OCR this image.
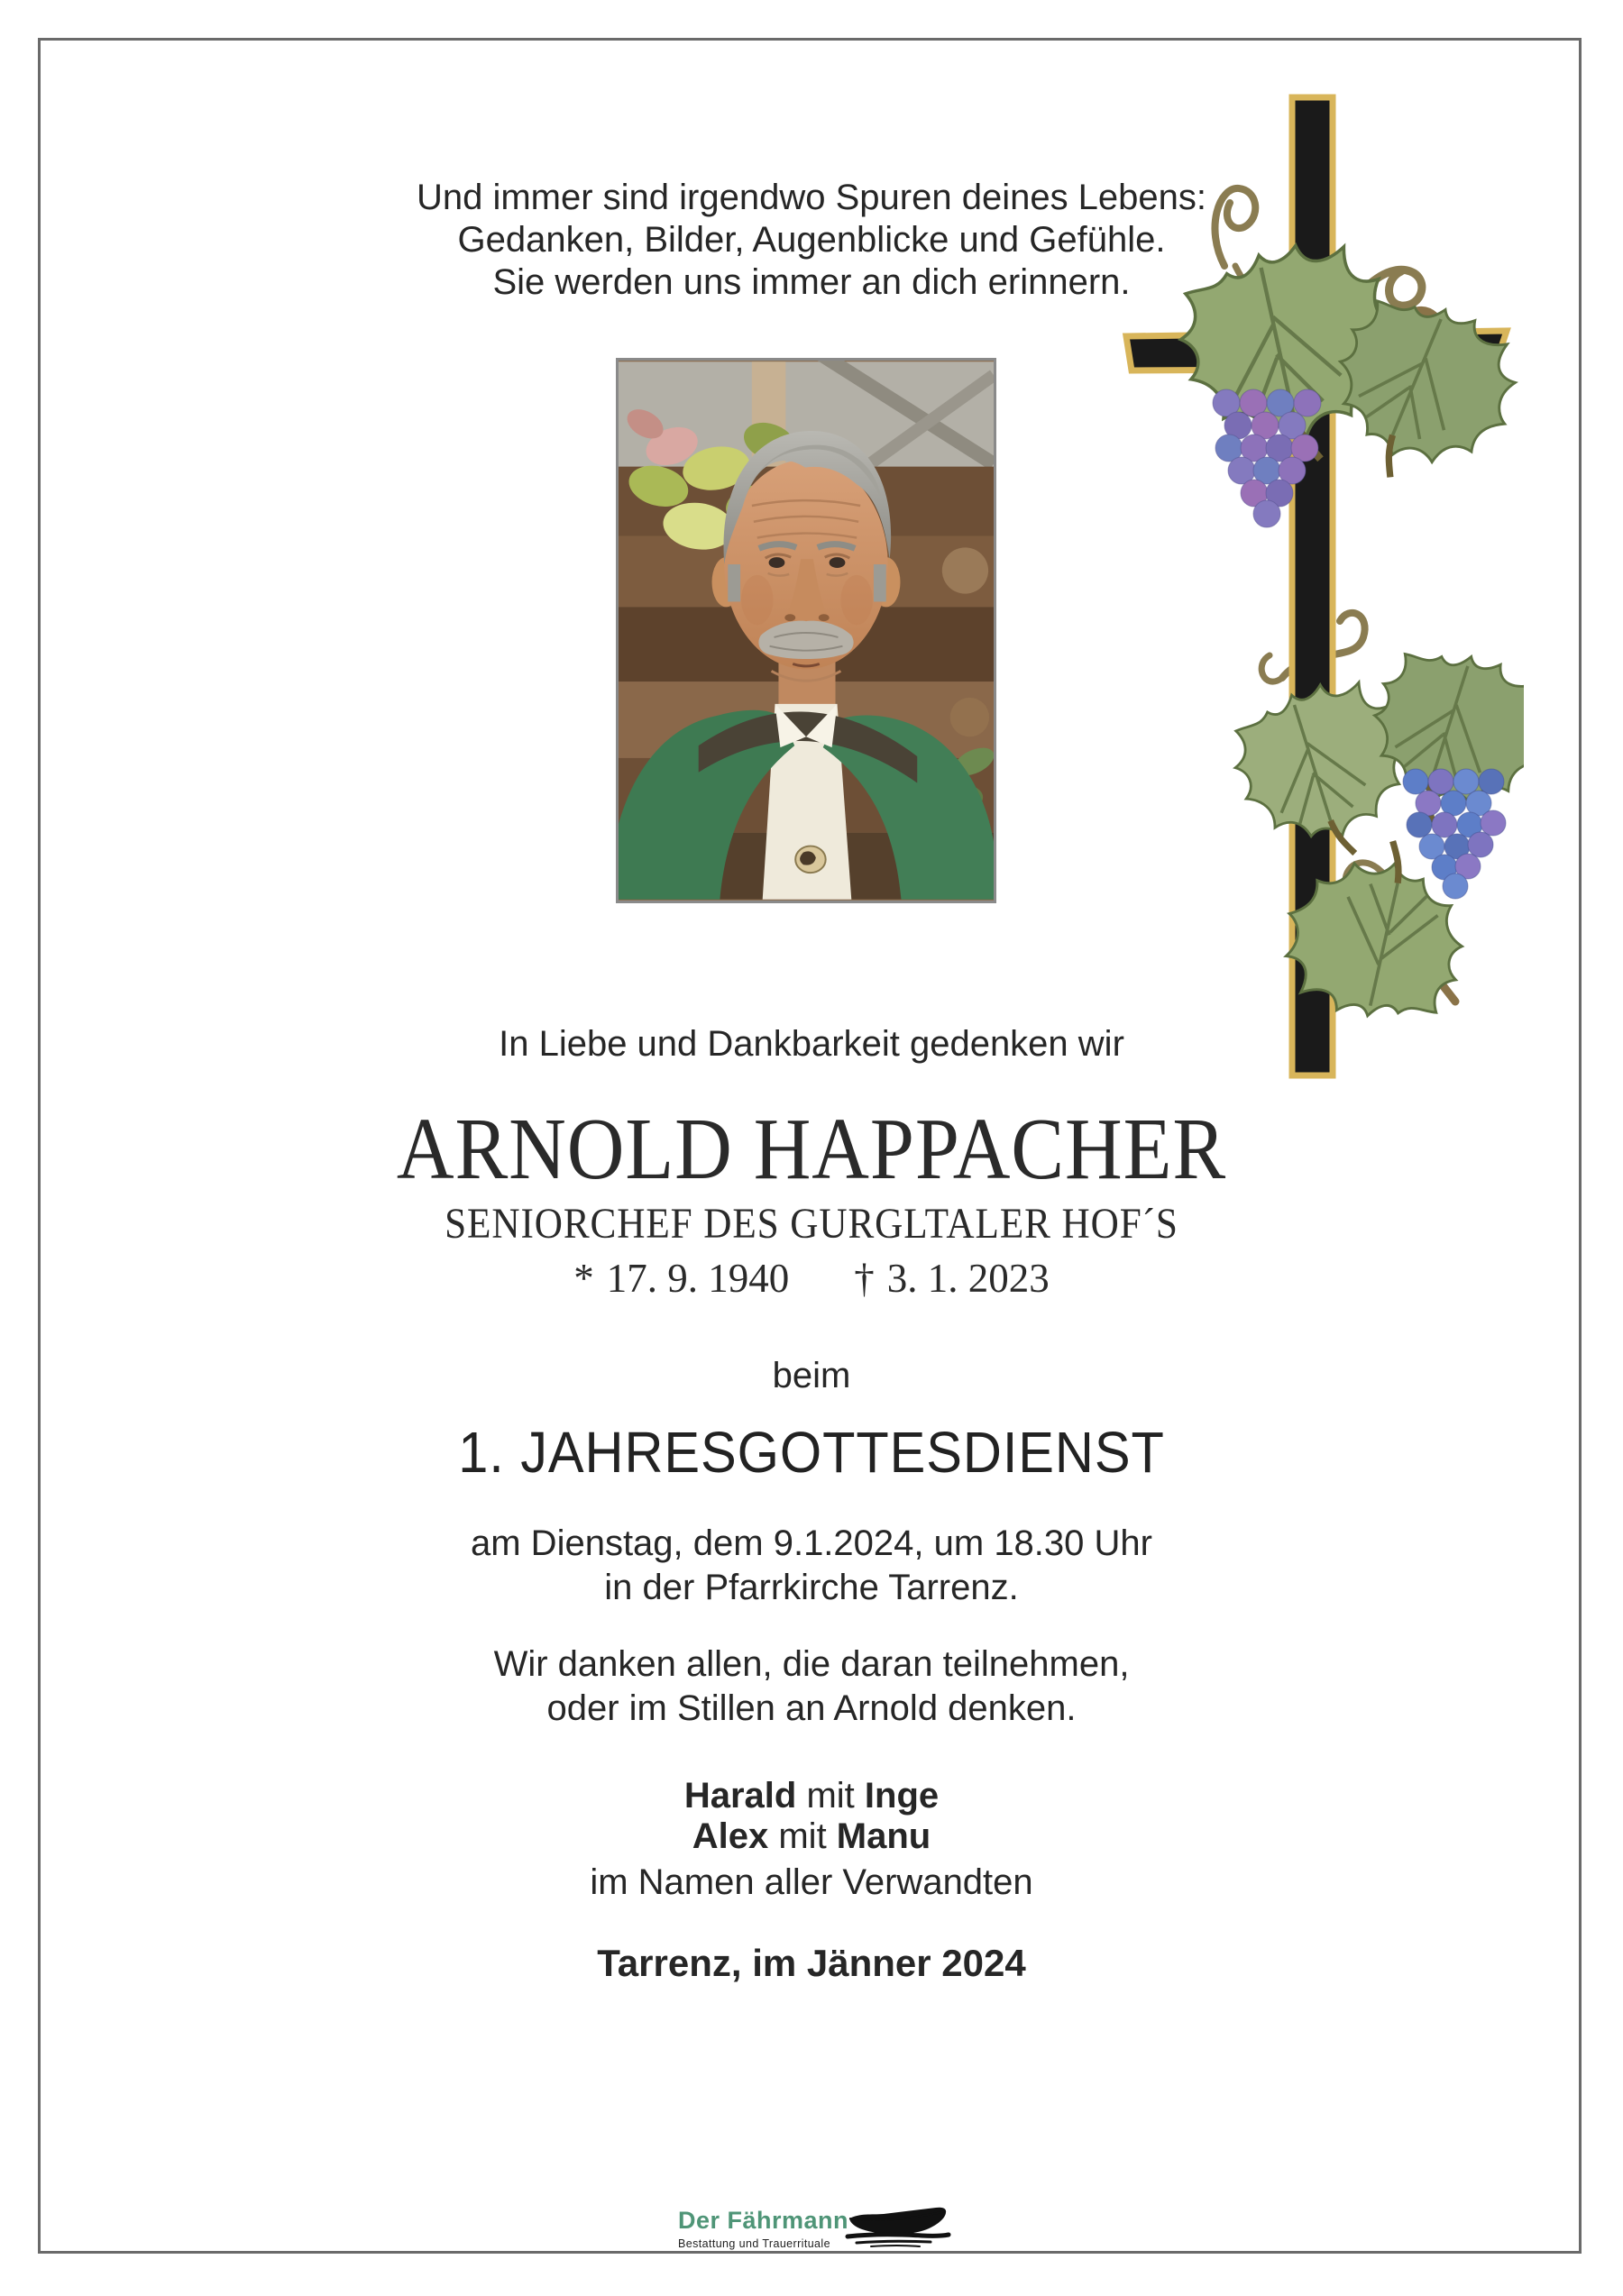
Und immer sind irgendwo Spuren deines Lebens:
Gedanken, Bilder, Augenblicke und Gefühle.
Sie werden uns immer an dich erinnern.
In Liebe und Dankbarkeit gedenken wir
ARNOLD HAPPACHER
SENIORCHEF DES GURGLTALER HOF´S
* 17. 9. 1940 † 3. 1. 2023
beim
1. JAHRESGOTTESDIENST
am Dienstag, dem 9.1.2024, um 18.30 Uhr
in der Pfarrkirche Tarrenz.
Wir danken allen, die daran teilnehmen,
oder im Stillen an Arnold denken.
Harald mit Inge
Alex mit Manu
im Namen aller Verwandten
Tarrenz, im Jänner 2024
Der Fährmann
Bestattung und Trauerrituale
